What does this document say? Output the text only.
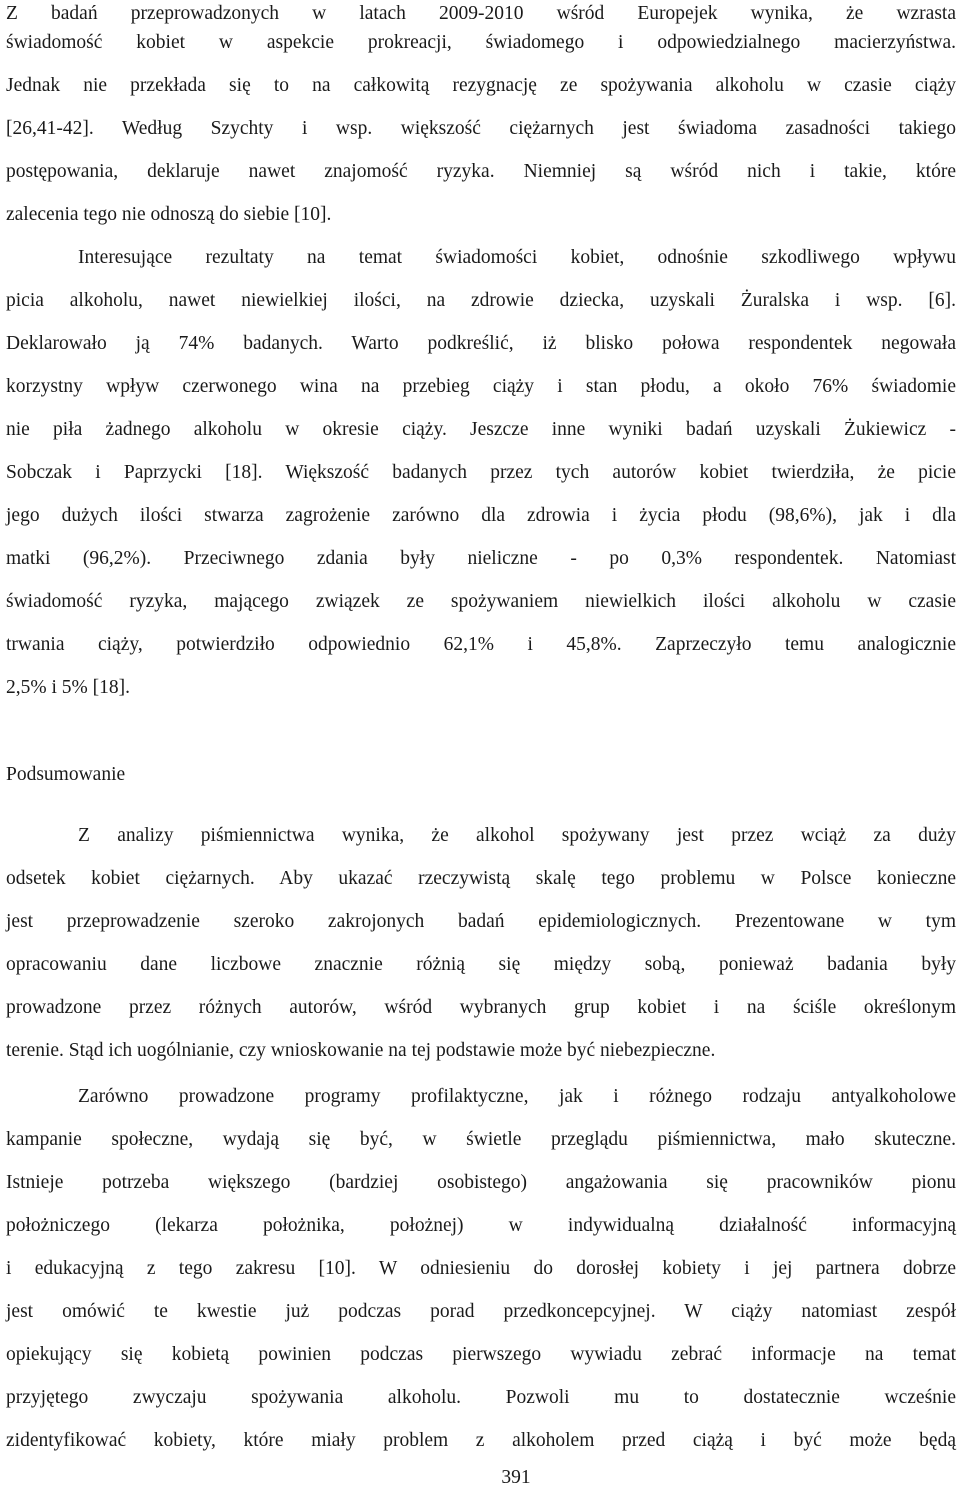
Z badań przeprowadzonych w latach 2009-2010 wśród Europejek wynika, że wzrasta
świadomość kobiet w aspekcie prokreacji, świadomego i odpowiedzialnego macierzyństwa.
Jednak nie przekłada się to na całkowitą rezygnację ze spożywania alkoholu w czasie ciąży
[26,41-42]. Według Szychty i wsp. większość ciężarnych jest świadoma zasadności takiego
postępowania, deklaruje nawet znajomość ryzyka. Niemniej są wśród nich i takie, które
zalecenia tego nie odnoszą do siebie [10].
Interesujące rezultaty na temat świadomości kobiet, odnośnie szkodliwego wpływu
picia alkoholu, nawet niewielkiej ilości, na zdrowie dziecka, uzyskali Żuralska i wsp. [6].
Deklarowało ją 74% badanych. Warto podkreślić, iż blisko połowa respondentek negowała
korzystny wpływ czerwonego wina na przebieg ciąży i stan płodu, a około 76% świadomie
nie piła żadnego alkoholu w okresie ciąży. Jeszcze inne wyniki badań uzyskali Żukiewicz -
Sobczak i Paprzycki [18]. Większość badanych przez tych autorów kobiet twierdziła, że picie
jego dużych ilości stwarza zagrożenie zarówno dla zdrowia i życia płodu (98,6%), jak i dla
matki (96,2%). Przeciwnego zdania były nieliczne - po 0,3% respondentek. Natomiast
świadomość ryzyka, mającego związek ze spożywaniem niewielkich ilości alkoholu w czasie
trwania ciąży, potwierdziło odpowiednio 62,1% i 45,8%. Zaprzeczyło temu analogicznie
2,5% i 5% [18].
Podsumowanie
Z analizy piśmiennictwa wynika, że alkohol spożywany jest przez wciąż za duży
odsetek kobiet ciężarnych. Aby ukazać rzeczywistą skalę tego problemu w Polsce konieczne
jest przeprowadzenie szeroko zakrojonych badań epidemiologicznych. Prezentowane w tym
opracowaniu dane liczbowe znacznie różnią się między sobą, ponieważ badania były
prowadzone przez różnych autorów, wśród wybranych grup kobiet i na ściśle określonym
terenie. Stąd ich uogólnianie, czy wnioskowanie na tej podstawie może być niebezpieczne.
Zarówno prowadzone programy profilaktyczne, jak i różnego rodzaju antyalkoholowe
kampanie społeczne, wydają się być, w świetle przeglądu piśmiennictwa, mało skuteczne.
Istnieje potrzeba większego (bardziej osobistego) angażowania się pracowników pionu
położniczego (lekarza położnika, położnej) w indywidualną działalność informacyjną
i edukacyjną z tego zakresu [10]. W odniesieniu do dorosłej kobiety i jej partnera dobrze
jest omówić te kwestie już podczas porad przedkoncepcyjnej. W ciąży natomiast zespół
opiekujący się kobietą powinien podczas pierwszego wywiadu zebrać informacje na temat
przyjętego zwyczaju spożywania alkoholu. Pozwoli mu to dostatecznie wcześnie
zidentyfikować kobiety, które miały problem z alkoholem przed ciążą i być może będą
391
